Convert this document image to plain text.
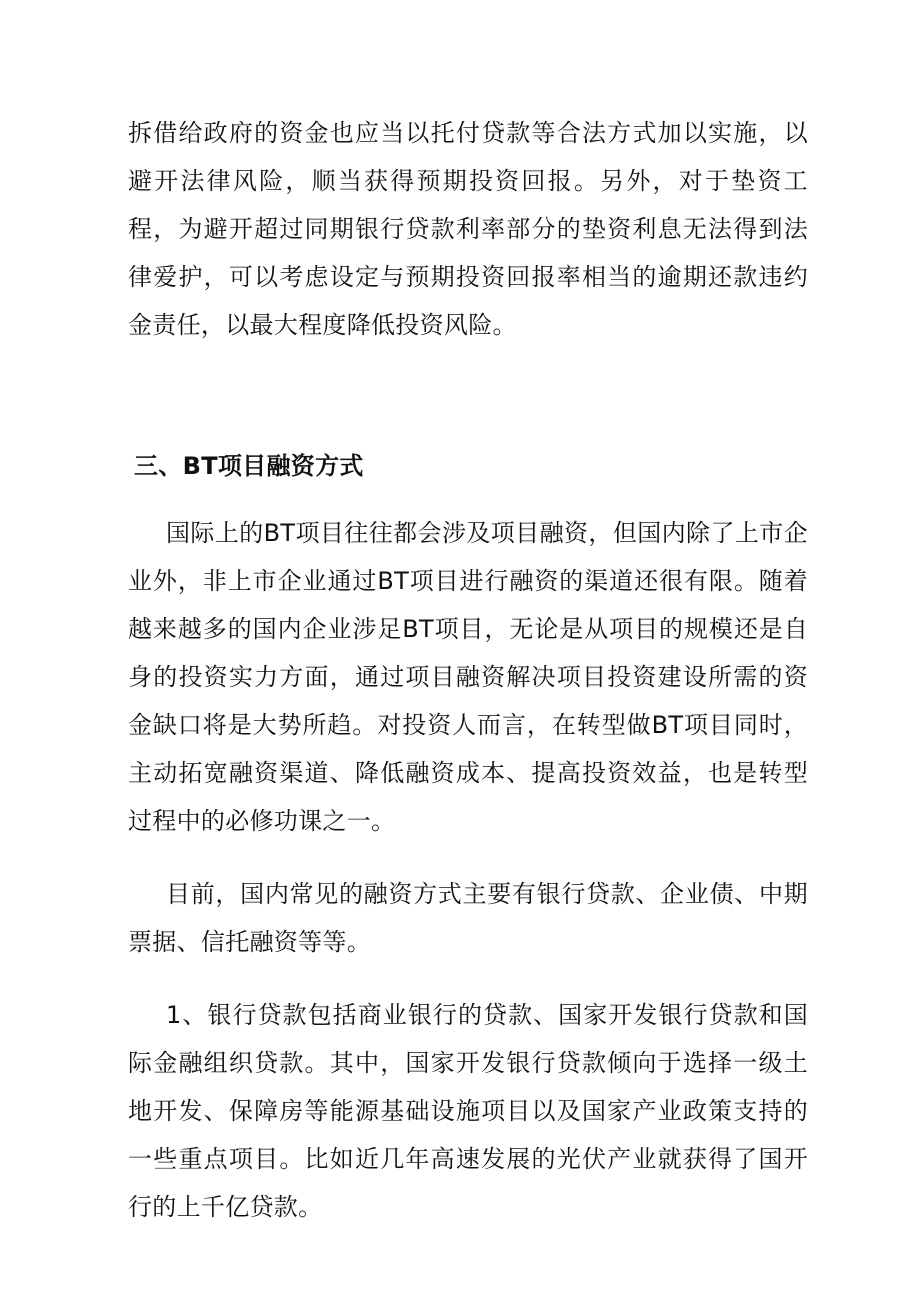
拆借给政府的资金也应当以托付贷款等合法方式加以实施，以避开法律风险，顺当获得预期投资回报。另外，对于垫资工程，为避开超过同期银行贷款利率部分的垫资利息无法得到法律爱护，可以考虑设定与预期投资回报率相当的逾期还款违约金责任，以最大程度降低投资风险。

三、BT项目融资方式

国际上的BT项目往往都会涉及项目融资，但国内除了上市企业外，非上市企业通过BT项目进行融资的渠道还很有限。随着越来越多的国内企业涉足BT项目，无论是从项目的规模还是自身的投资实力方面，通过项目融资解决项目投资建设所需的资金缺口将是大势所趋。对投资人而言，在转型做BT项目同时，主动拓宽融资渠道、降低融资成本、提高投资效益，也是转型过程中的必修功课之一。

目前，国内常见的融资方式主要有银行贷款、企业债、中期票据、信托融资等等。

1、银行贷款包括商业银行的贷款、国家开发银行贷款和国际金融组织贷款。其中，国家开发银行贷款倾向于选择一级土地开发、保障房等能源基础设施项目以及国家产业政策支持的一些重点项目。比如近几年高速发展的光伏产业就获得了国开行的上千亿贷款。
